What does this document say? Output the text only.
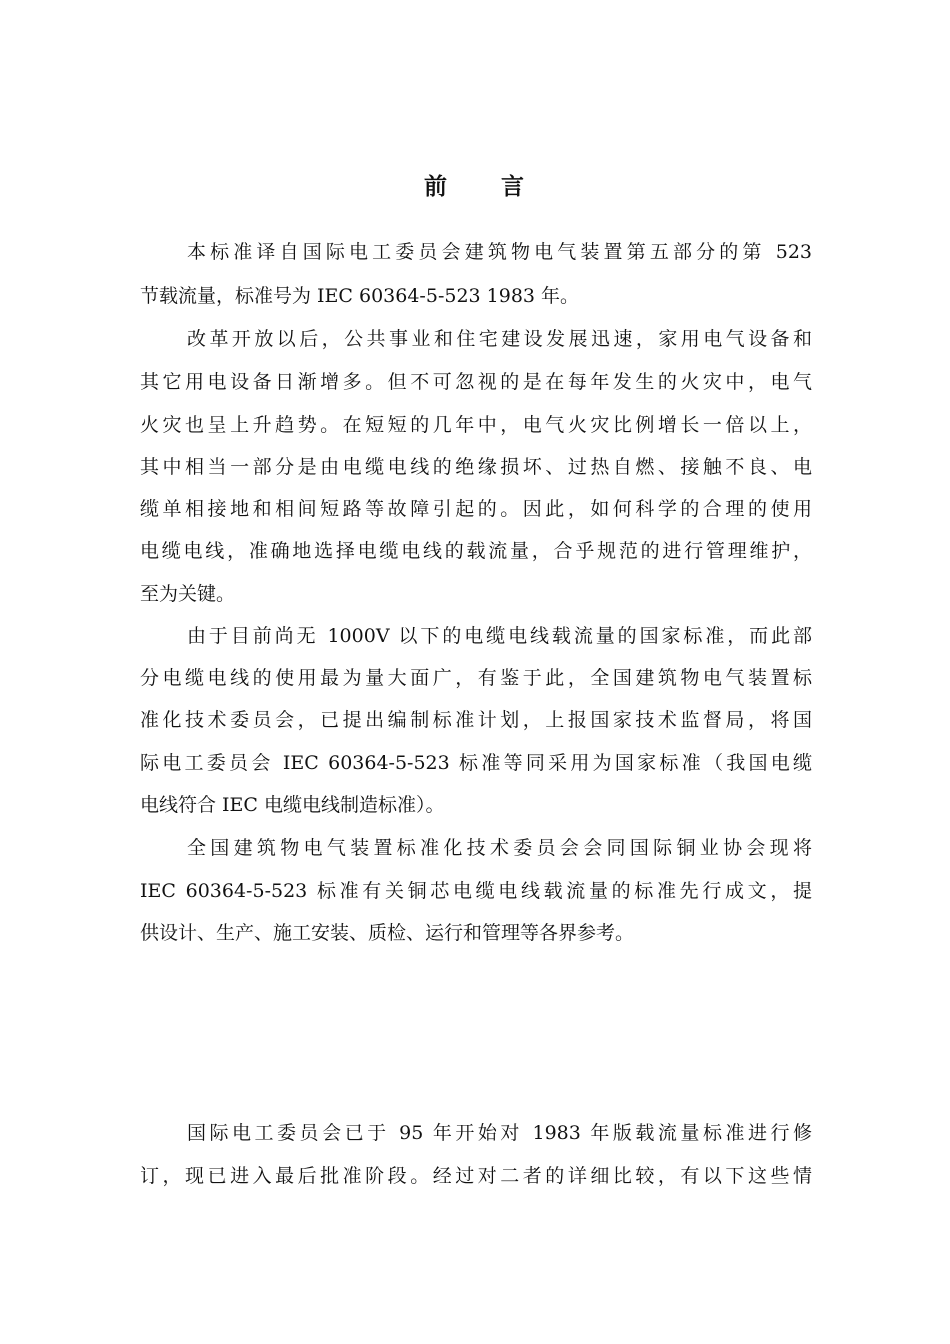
前 言
本标准译自国际电工委员会建筑物电气装置第五部分的第 523
节载流量，标准号为 IEC 60364-5-523 1983 年。
改革开放以后，公共事业和住宅建设发展迅速，家用电气设备和
其它用电设备日渐增多。但不可忽视的是在每年发生的火灾中，电气
火灾也呈上升趋势。在短短的几年中，电气火灾比例增长一倍以上，
其中相当一部分是由电缆电线的绝缘损坏、过热自燃、接触不良、电
缆单相接地和相间短路等故障引起的。因此，如何科学的合理的使用
电缆电线，准确地选择电缆电线的载流量，合乎规范的进行管理维护，
至为关键。
由于目前尚无 1000V 以下的电缆电线载流量的国家标准，而此部
分电缆电线的使用最为量大面广，有鉴于此，全国建筑物电气装置标
准化技术委员会，已提出编制标准计划，上报国家技术监督局，将国
际电工委员会 IEC 60364-5-523 标准等同采用为国家标准（我国电缆
电线符合 IEC 电缆电线制造标准）。
全国建筑物电气装置标准化技术委员会会同国际铜业协会现将
IEC 60364-5-523 标准有关铜芯电缆电线载流量的标准先行成文，提
供设计、生产、施工安装、质检、运行和管理等各界参考。
国际电工委员会已于 95 年开始对 1983 年版载流量标准进行修
订，现已进入最后批准阶段。经过对二者的详细比较，有以下这些情
